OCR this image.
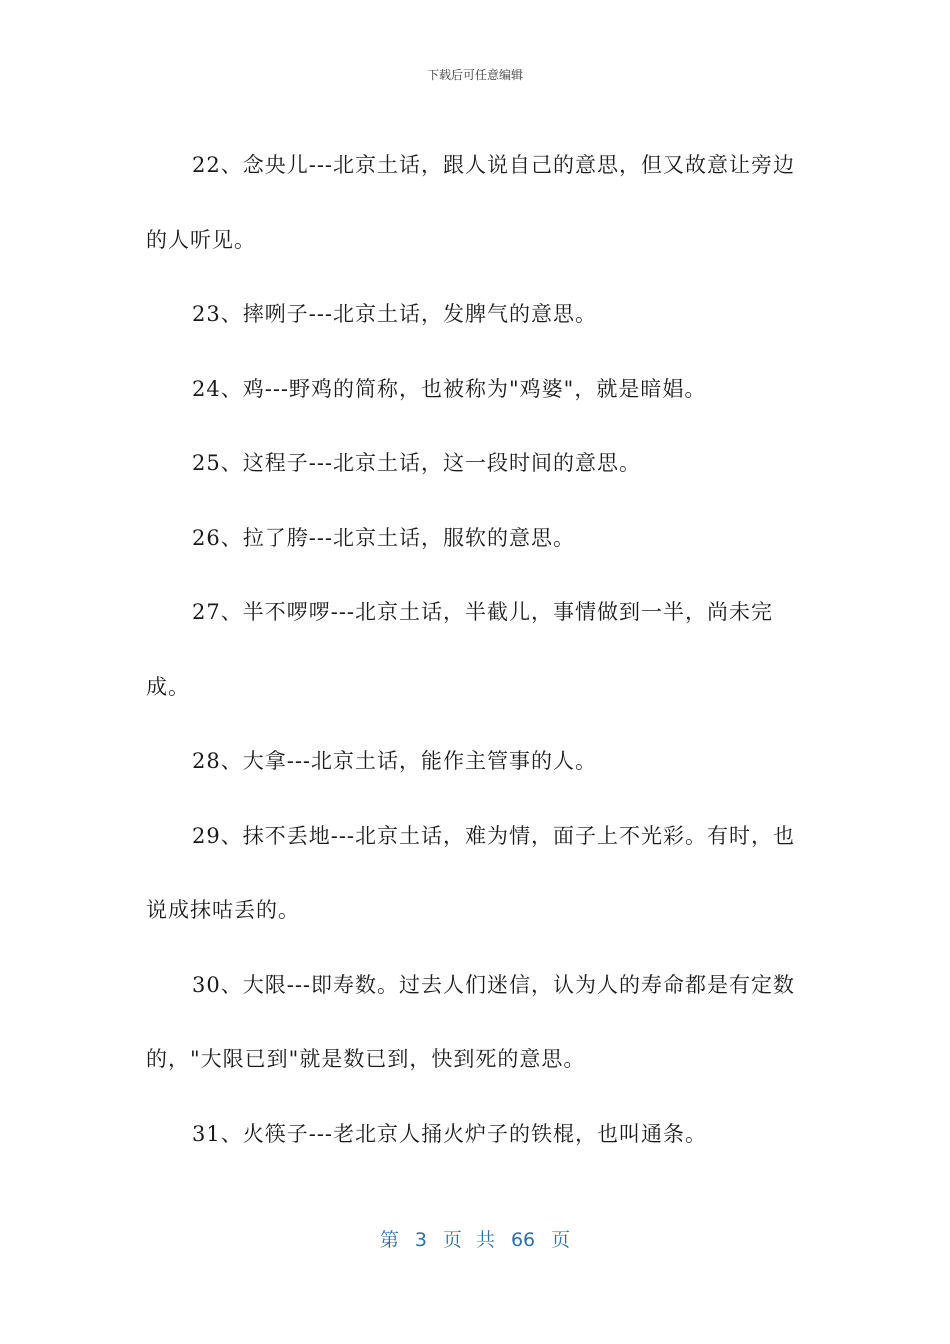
下载后可任意编辑

22、念央儿---北京土话，跟人说自己的意思，但又故意让旁边的人听见。

23、摔咧子---北京土话，发脾气的意思。

24、鸡---野鸡的简称，也被称为"鸡婆"，就是暗娼。

25、这程子---北京土话，这一段时间的意思。

26、拉了胯---北京土话，服软的意思。

27、半不啰啰---北京土话，半截儿，事情做到一半，尚未完成。

28、大拿---北京土话，能作主管事的人。

29、抹不丢地---北京土话，难为情，面子上不光彩。有时，也说成抹咕丢的。

30、大限---即寿数。过去人们迷信，认为人的寿命都是有定数的，"大限已到"就是数已到，快到死的意思。

31、火筷子---老北京人捅火炉子的铁棍，也叫通条。

第 3 页 共 66 页
